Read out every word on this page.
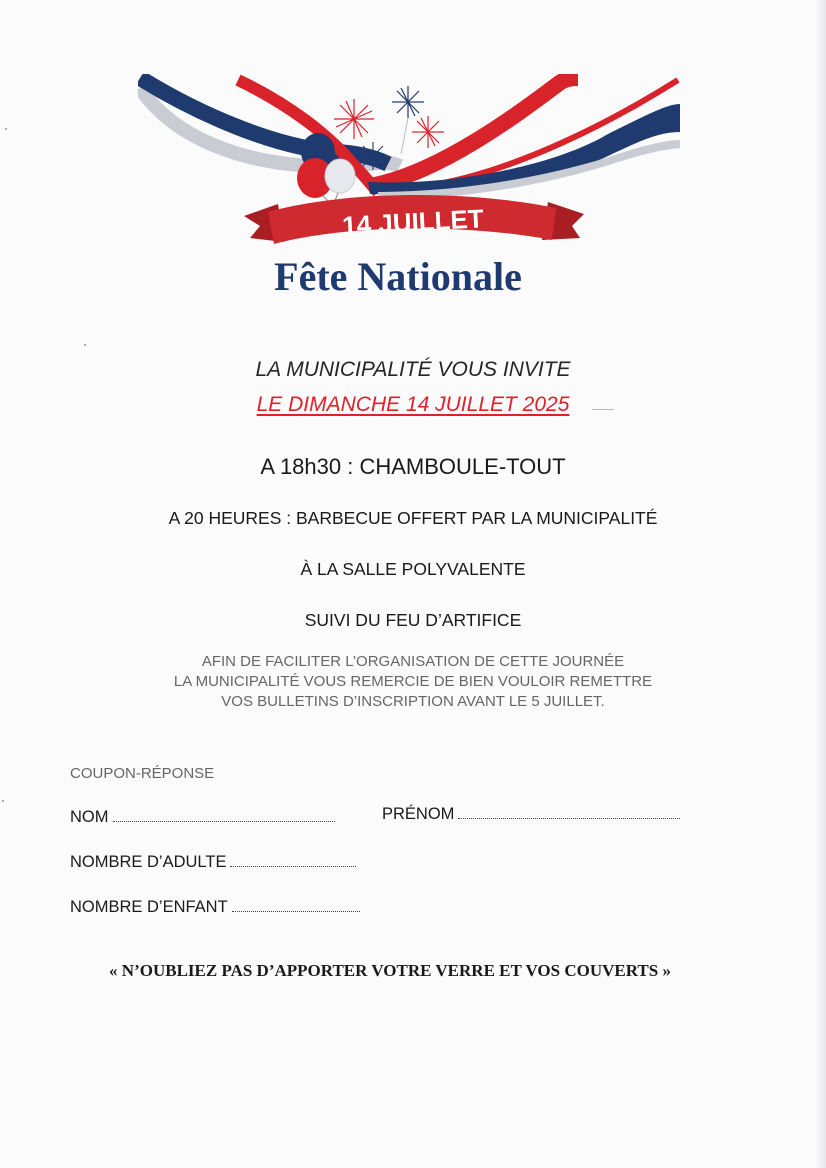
14 JUILLET
Fête Nationale
LA MUNICIPALITÉ VOUS INVITE
LE DIMANCHE 14 JUILLET 2025
A 18h30 : CHAMBOULE-TOUT
A 20 HEURES : BARBECUE OFFERT PAR LA MUNICIPALITÉ
À LA SALLE POLYVALENTE
SUIVI DU FEU D’ARTIFICE
AFIN DE FACILITER L’ORGANISATION DE CETTE JOURNÉE
LA MUNICIPALITÉ VOUS REMERCIE DE BIEN VOULOIR REMETTRE
VOS BULLETINS D’INSCRIPTION AVANT LE 5 JUILLET.
COUPON-RÉPONSE
NOM	PRÉNOM
NOMBRE D’ADULTE
NOMBRE D’ENFANT
« N’OUBLIEZ PAS D’APPORTER VOTRE VERRE ET VOS COUVERTS »
